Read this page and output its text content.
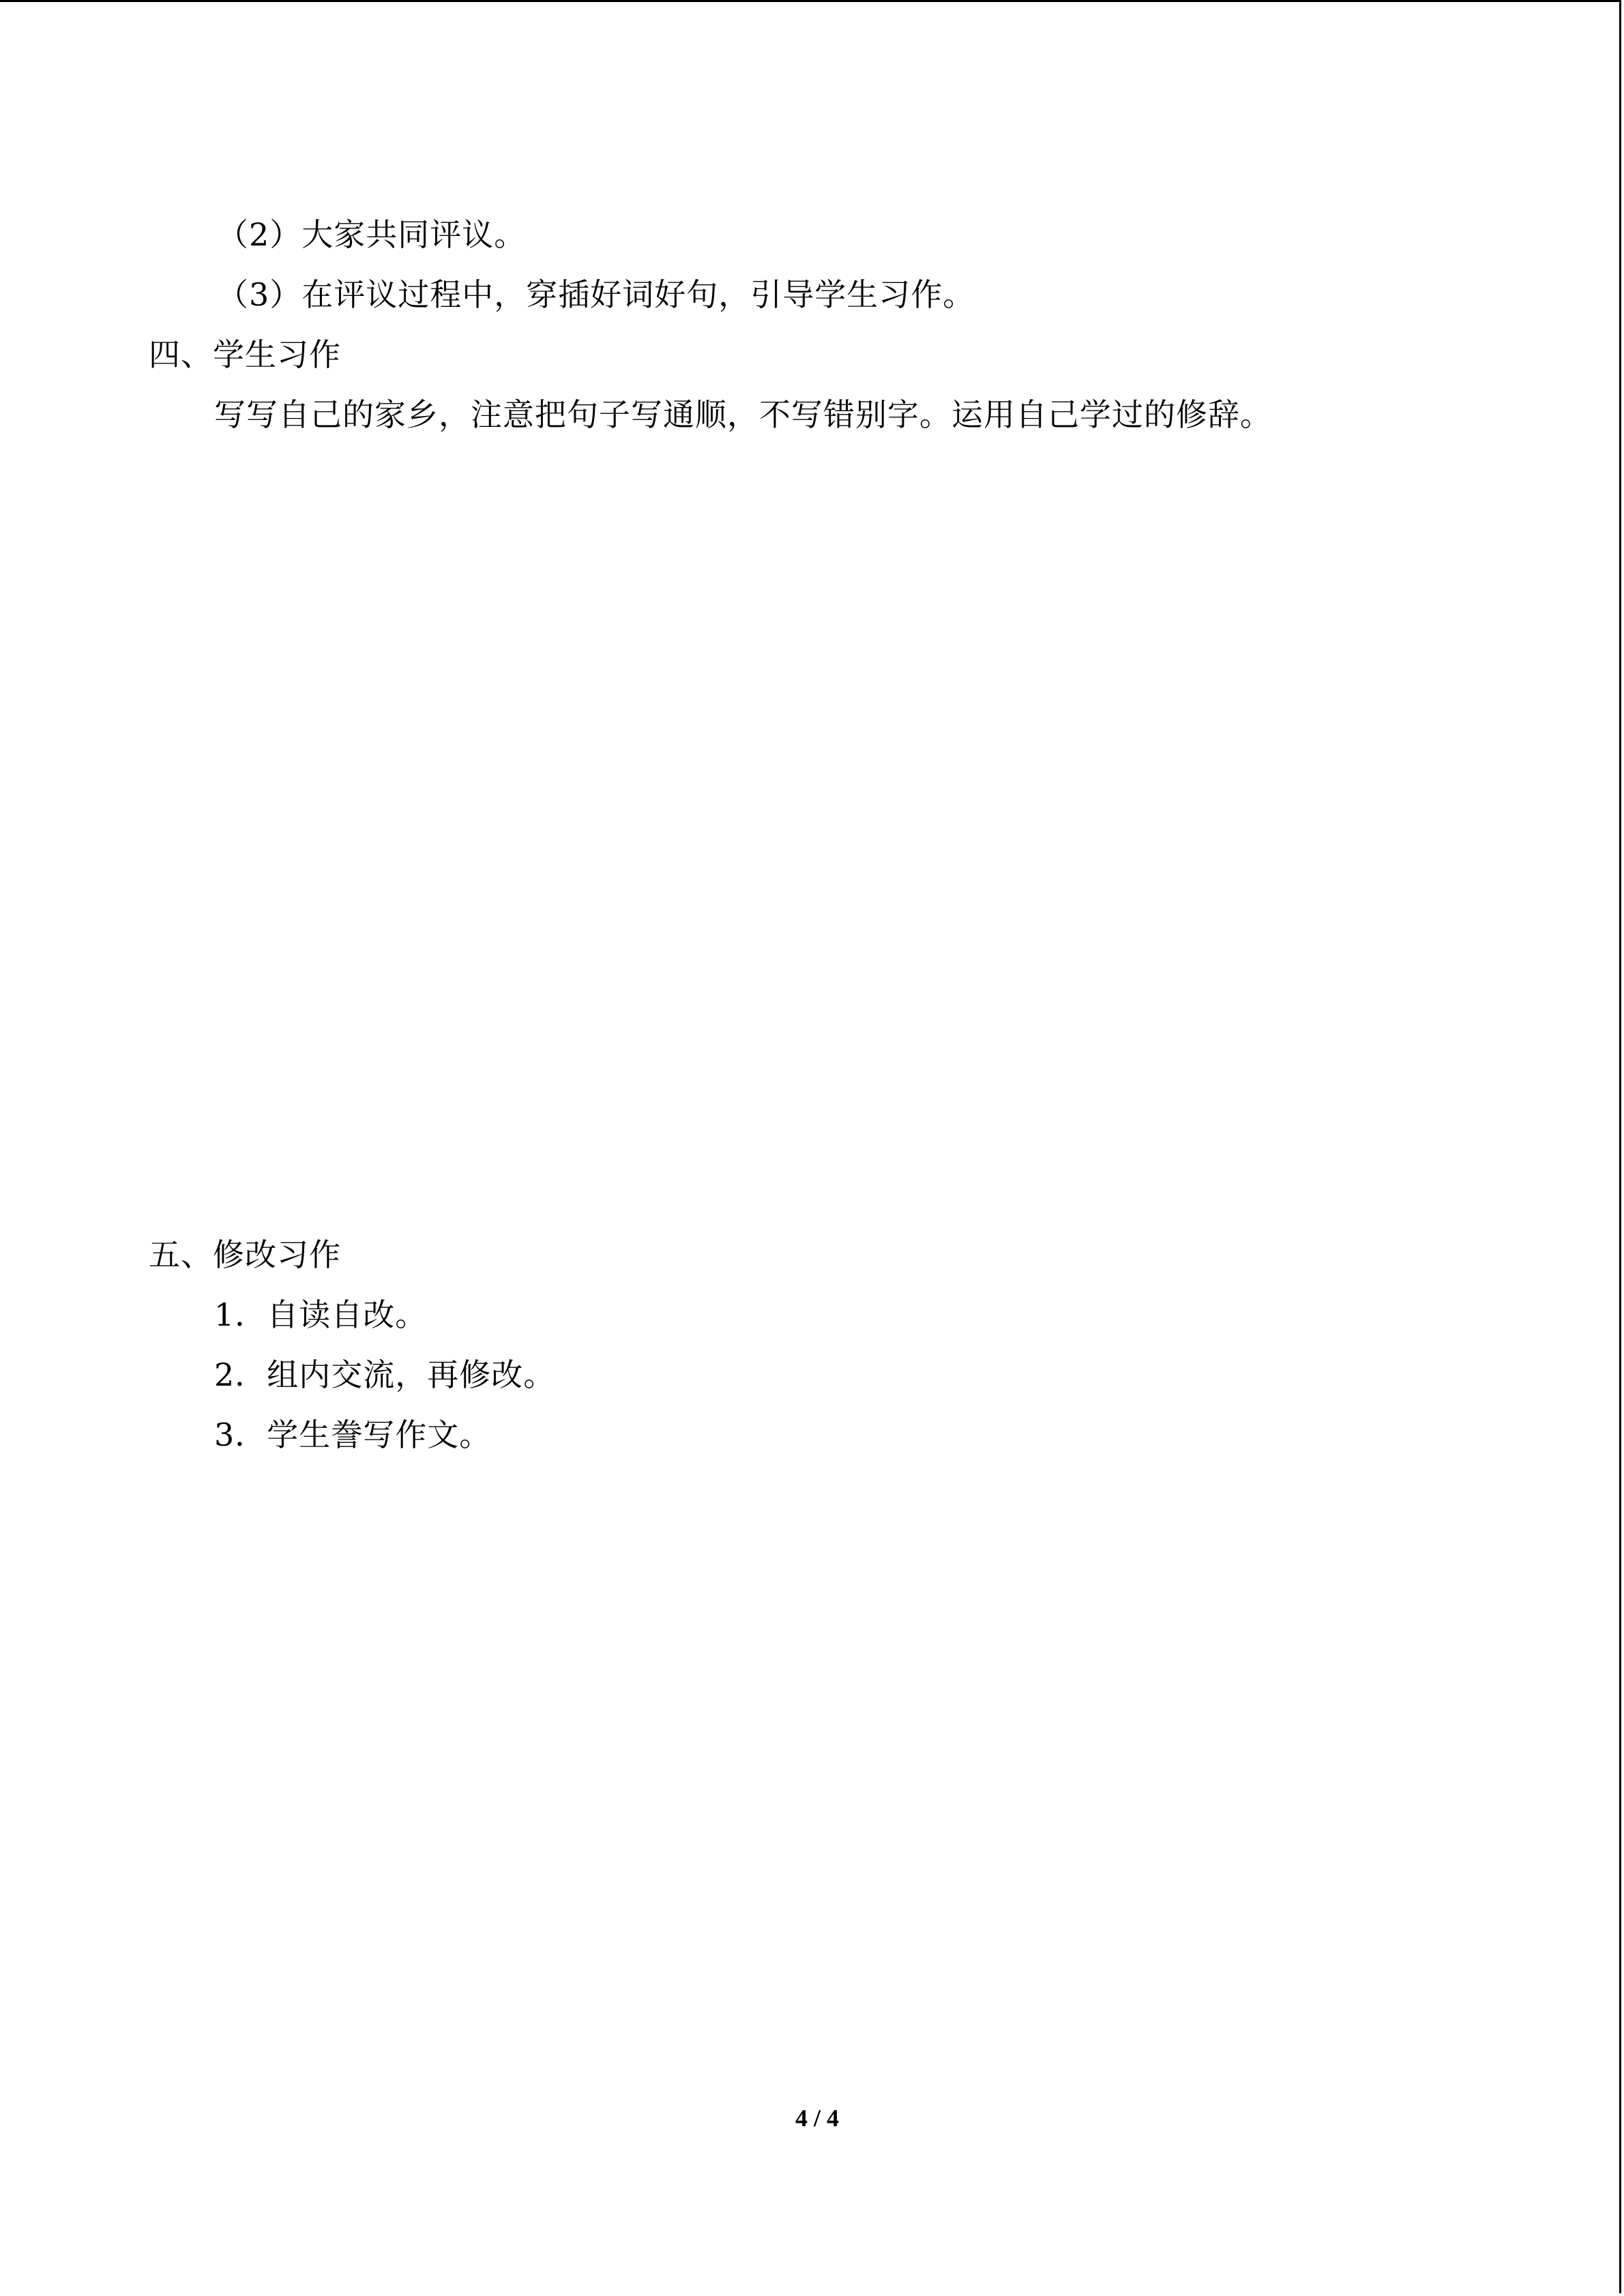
（2）大家共同评议。
（3）在评议过程中，穿插好词好句，引导学生习作。
四、学生习作
写写自己的家乡，注意把句子写通顺，不写错别字。运用自己学过的修辞。
五、修改习作
1．自读自改。
2．组内交流，再修改。
3．学生誊写作文。
4 / 4
